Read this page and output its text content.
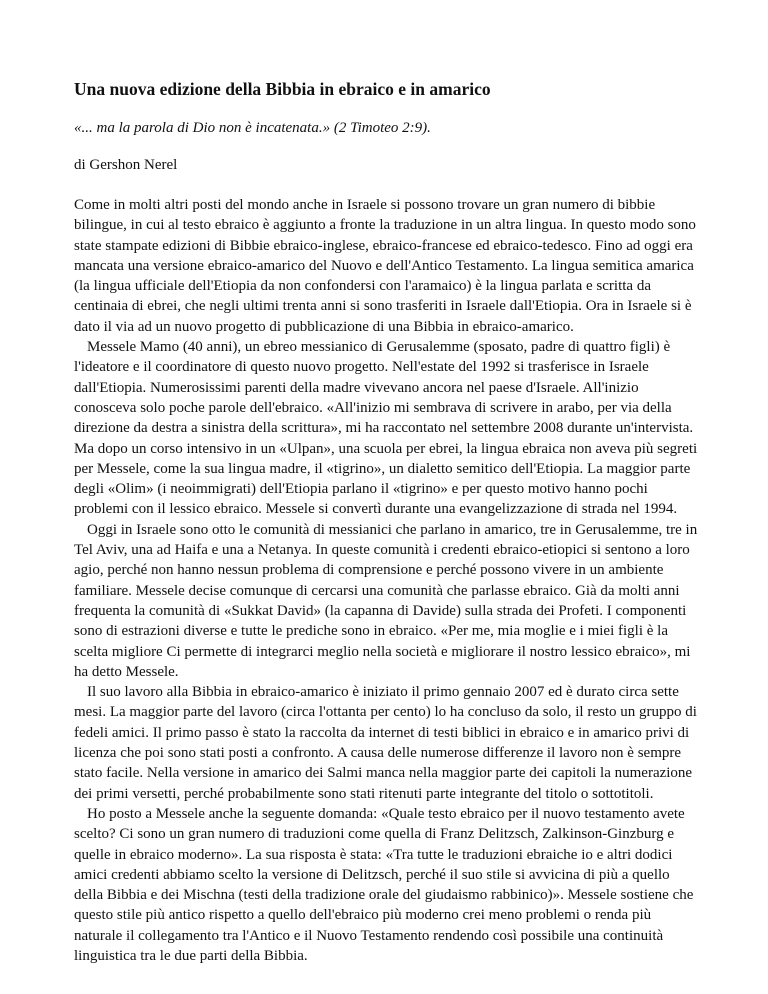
Una nuova edizione della Bibbia in ebraico e in amarico

«... ma la parola di Dio non è incatenata.» (2 Timoteo 2:9).

di Gershon Nerel

Come in molti altri posti del mondo anche in Israele si possono trovare un gran numero di bibbie bilingue, in cui al testo ebraico è aggiunto a fronte la traduzione in un altra lingua. In questo modo sono state stampate edizioni di Bibbie ebraico-inglese, ebraico-francese ed ebraico-tedesco. Fino ad oggi era mancata una versione ebraico-amarico del Nuovo e dell'Antico Testamento. La lingua semitica amarica (la lingua ufficiale dell'Etiopia da non confondersi con l'aramaico) è la lingua parlata e scritta da centinaia di ebrei, che negli ultimi trenta anni si sono trasferiti in Israele dall'Etiopia. Ora in Israele si è dato il via ad un nuovo progetto di pubblicazione di una Bibbia in ebraico-amarico.

Messele Mamo (40 anni), un ebreo messianico di Gerusalemme (sposato, padre di quattro figli) è l'ideatore e il coordinatore di questo nuovo progetto. Nell'estate del 1992 si trasferisce in Israele dall'Etiopia. Numerosissimi parenti della madre vivevano ancora nel paese d'Israele. All'inizio conosceva solo poche parole dell'ebraico. «All'inizio mi sembrava di scrivere in arabo, per via della direzione da destra a sinistra della scrittura», mi ha raccontato nel settembre 2008 durante un'intervista. Ma dopo un corso intensivo in un «Ulpan», una scuola per ebrei, la lingua ebraica non aveva più segreti per Messele, come la sua lingua madre, il «tigrino», un dialetto semitico dell'Etiopia. La maggior parte degli «Olim» (i neoimmigrati) dell'Etiopia parlano il «tigrino» e per questo motivo hanno pochi problemi con il lessico ebraico. Messele si convertì durante una evangelizzazione di strada nel 1994.

Oggi in Israele sono otto le comunità di messianici che parlano in amarico, tre in Gerusalemme, tre in Tel Aviv, una ad Haifa e una a Netanya. In queste comunità i credenti ebraico-etiopici si sentono a loro agio, perché non hanno nessun problema di comprensione e perché possono vivere in un ambiente familiare. Messele decise comunque di cercarsi una comunità che parlasse ebraico. Già da molti anni frequenta la comunità di «Sukkat David» (la capanna di Davide) sulla strada dei Profeti. I componenti sono di estrazioni diverse e tutte le prediche sono in ebraico. «Per me, mia moglie e i miei figli è la scelta migliore Ci permette di integrarci meglio nella società e migliorare il nostro lessico ebraico», mi ha detto Messele.

Il suo lavoro alla Bibbia in ebraico-amarico è iniziato il primo gennaio 2007 ed è durato circa sette mesi. La maggior parte del lavoro (circa l'ottanta per cento) lo ha concluso da solo, il resto un gruppo di fedeli amici. Il primo passo è stato la raccolta da internet di testi biblici in ebraico e in amarico privi di licenza che poi sono stati posti a confronto. A causa delle numerose differenze il lavoro non è sempre stato facile. Nella versione in amarico dei Salmi manca nella maggior parte dei capitoli la numerazione dei primi versetti, perché probabilmente sono stati ritenuti parte integrante del titolo o sottotitoli.

Ho posto a Messele anche la seguente domanda: «Quale testo ebraico per il nuovo testamento avete scelto? Ci sono un gran numero di traduzioni come quella di Franz Delitzsch, Zalkinson-Ginzburg e quelle in ebraico moderno». La sua risposta è stata: «Tra tutte le traduzioni ebraiche io e altri dodici amici credenti abbiamo scelto la versione di Delitzsch, perché il suo stile si avvicina di più a quello della Bibbia e dei Mischna (testi della tradizione orale del giudaismo rabbinico)». Messele sostiene che questo stile più antico rispetto a quello dell'ebraico più moderno crei meno problemi o renda più naturale il collegamento tra l'Antico e il Nuovo Testamento rendendo così possibile una continuità linguistica tra le due parti della Bibbia.
